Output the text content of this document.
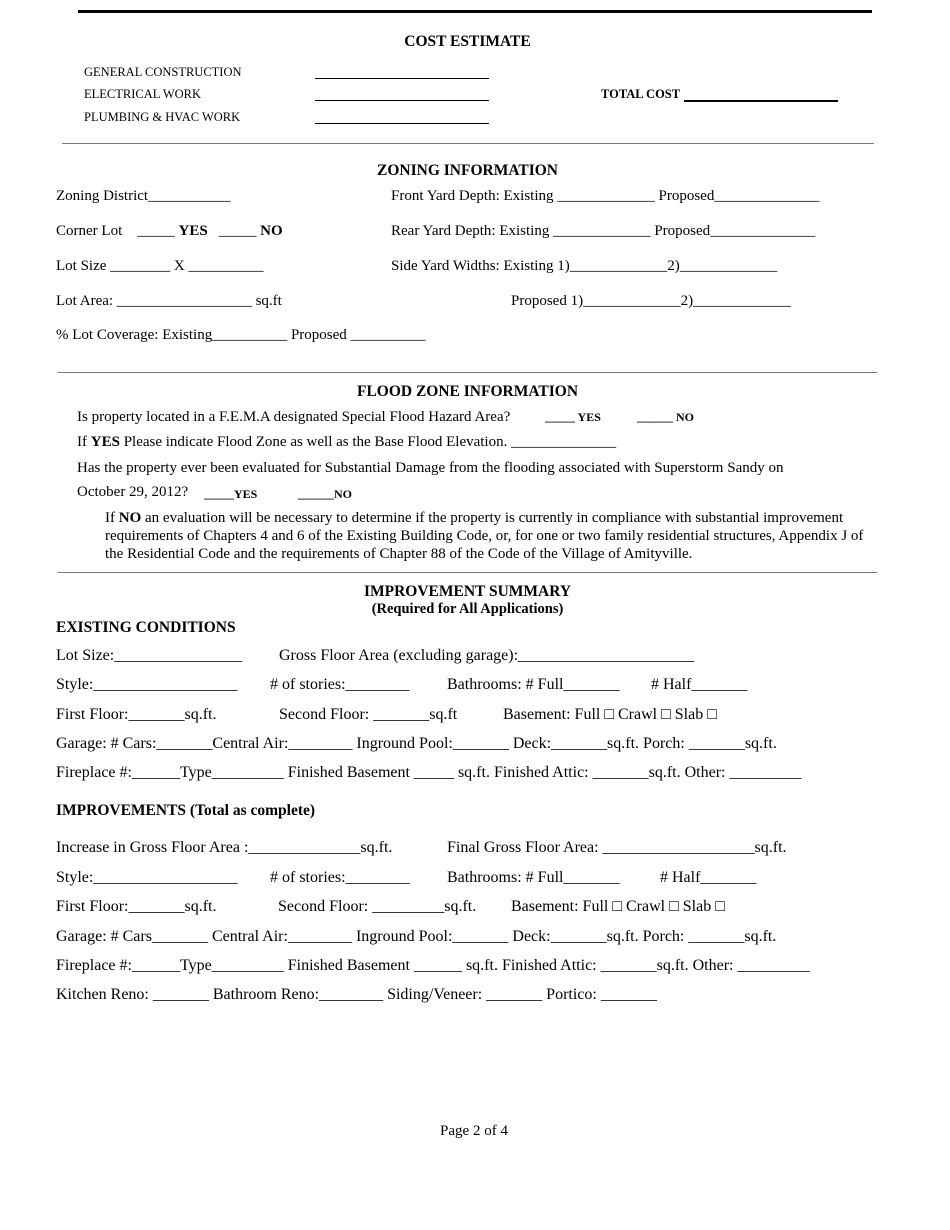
COST ESTIMATE
GENERAL CONSTRUCTION
ELECTRICAL WORK
PLUMBING & HVAC WORK
TOTAL COST
ZONING INFORMATION
Zoning District___________
Corner Lot _____ YES _____ NO
Lot Size ________ X __________
Lot Area: __________________ sq.ft
% Lot Coverage: Existing__________ Proposed __________
Front Yard Depth: Existing _____________ Proposed______________
Rear Yard Depth: Existing _____________ Proposed______________
Side Yard Widths: Existing 1)_____________2)_____________
Proposed 1)_____________2)_____________
FLOOD ZONE INFORMATION
Is property located in a F.E.M.A designated Special Flood Hazard Area?	_____ YES	______ NO
If YES Please indicate Flood Zone as well as the Base Flood Elevation. ______________
Has the property ever been evaluated for Substantial Damage from the flooding associated with Superstorm Sandy on
October 29, 2012? _____YES	______NO
If NO an evaluation will be necessary to determine if the property is currently in compliance with substantial improvement requirements of Chapters 4 and 6 of the Existing Building Code, or, for one or two family residential structures, Appendix J of the Residential Code and the requirements of Chapter 88 of the Code of the Village of Amityville.
IMPROVEMENT SUMMARY
(Required for All Applications)
EXISTING CONDITIONS
Lot Size:________________ Gross Floor Area (excluding garage):______________________
Style:__________________ # of stories:________ Bathrooms: # Full_______ # Half_______
First Floor:_______sq.ft.	Second Floor: _______sq.ft	Basement: Full □ Crawl □ Slab □
Garage: # Cars:_______Central Air:________ Inground Pool:_______ Deck:_______sq.ft. Porch: _______sq.ft.
Fireplace #:______Type_________ Finished Basement _____ sq.ft. Finished Attic: _______sq.ft. Other: _________
IMPROVEMENTS (Total as complete)
Increase in Gross Floor Area :______________sq.ft.	Final Gross Floor Area: ___________________sq.ft.
Style:__________________ # of stories:________ Bathrooms: # Full_______	# Half_______
First Floor:_______sq.ft.	Second Floor: _________sq.ft. Basement: Full □ Crawl □ Slab □
Garage: # Cars_______ Central Air:________ Inground Pool:_______ Deck:_______sq.ft. Porch: _______sq.ft.
Fireplace #:______Type_________ Finished Basement ______ sq.ft. Finished Attic: _______sq.ft. Other: _________
Kitchen Reno: _______ Bathroom Reno:________ Siding/Veneer: _______ Portico: _______
Page 2 of 4
